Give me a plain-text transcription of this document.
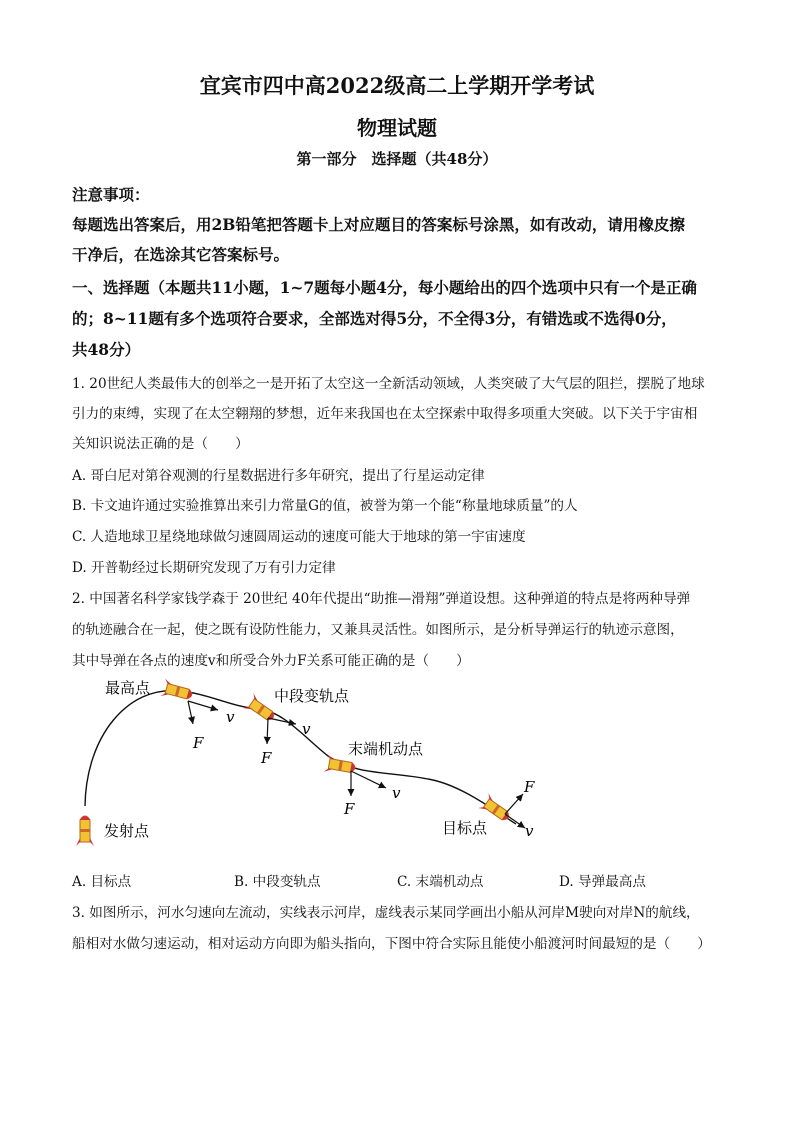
宜宾市四中高2022级高二上学期开学考试
物理试题
第一部分　选择题（共48分）
注意事项：
每题选出答案后，用2B铅笔把答题卡上对应题目的答案标号涂黑，如有改动，请用橡皮擦
干净后，在选涂其它答案标号。
一、选择题（本题共11小题，1~7题每小题4分，每小题给出的四个选项中只有一个是正确
的；8~11题有多个选项符合要求，全部选对得5分，不全得3分，有错选或不选得0分，
共48分）
1. 20世纪人类最伟大的创举之一是开拓了太空这一全新活动领域，人类突破了大气层的阻拦，摆脱了地球
引力的束缚，实现了在太空翱翔的梦想，近年来我国也在太空探索中取得多项重大突破。以下关于宇宙相
关知识说法正确的是（　　）
A. 哥白尼对第谷观测的行星数据进行多年研究，提出了行星运动定律
B. 卡文迪许通过实验推算出来引力常量G的值，被誉为第一个能“称量地球质量”的人
C. 人造地球卫星绕地球做匀速圆周运动的速度可能大于地球的第一宇宙速度
D. 开普勒经过长期研究发现了万有引力定律
2. 中国著名科学家钱学森于 20世纪 40年代提出“助推—滑翔”弹道设想。这种弹道的特点是将两种导弹
的轨迹融合在一起，使之既有设防性能力，又兼具灵活性。如图所示，是分析导弹运行的轨迹示意图，
其中导弹在各点的速度v和所受合外力F关系可能正确的是（　　）
最高点	中段变轨点
末端机动点
发射点	目标点
F
v
F
v
F
v	F
v
A. 目标点	B. 中段变轨点	C. 末端机动点	D. 导弹最高点
3. 如图所示，河水匀速向左流动，实线表示河岸，虚线表示某同学画出小船从河岸M驶向对岸N的航线，
船相对水做匀速运动，相对运动方向即为船头指向，下图中符合实际且能使小船渡河时间最短的是（　　）
